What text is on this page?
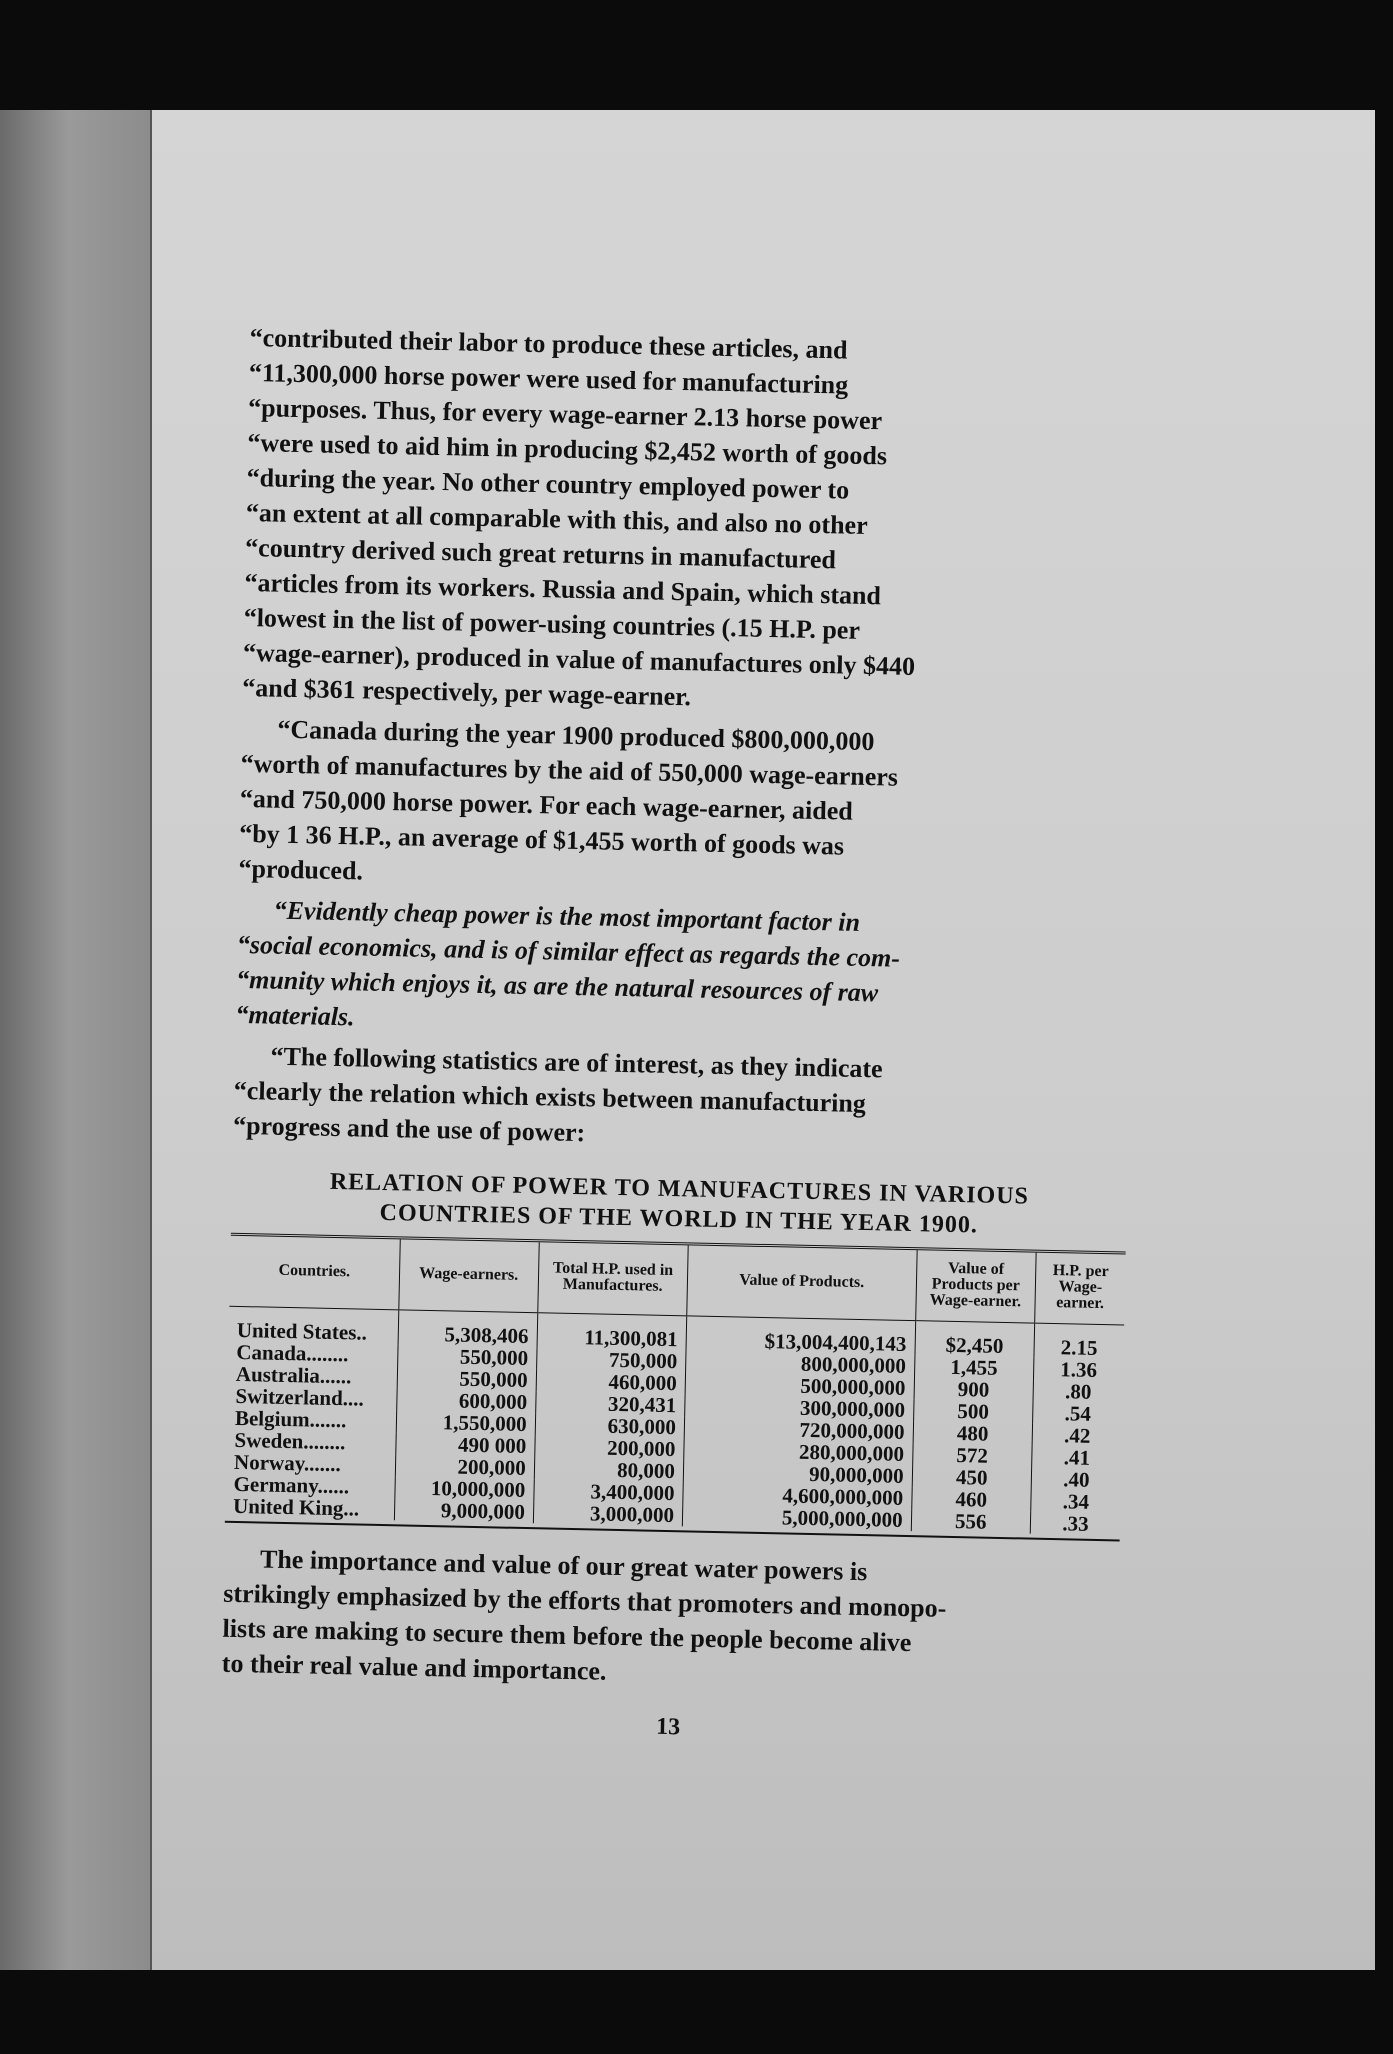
“contributed their labor to produce these articles, and
“11,300,000 horse power were used for manufacturing
“purposes. Thus, for every wage-earner 2.13 horse power
“were used to aid him in producing $2,452 worth of goods
“during the year. No other country employed power to
“an extent at all comparable with this, and also no other
“country derived such great returns in manufactured
“articles from its workers. Russia and Spain, which stand
“lowest in the list of power-using countries (.15 H.P. per
“wage-earner), produced in value of manufactures only $440
“and $361 respectively, per wage-earner.

“Canada during the year 1900 produced $800,000,000
“worth of manufactures by the aid of 550,000 wage-earners
“and 750,000 horse power. For each wage-earner, aided
“by 1 36 H.P., an average of $1,455 worth of goods was
“produced.

“Evidently cheap power is the most important factor in
“social economics, and is of similar effect as regards the com-
“munity which enjoys it, as are the natural resources of raw
“materials.

“The following statistics are of interest, as they indicate
“clearly the relation which exists between manufacturing
“progress and the use of power:

RELATION OF POWER TO MANUFACTURES IN VARIOUS
COUNTRIES OF THE WORLD IN THE YEAR 1900.
Countries.	Wage-earners.	Total H.P. used in Manufactures.	Value of Products.	Value of Products per Wage-earner.	H.P. per Wage-earner.
United States..	5,308,406	11,300,081	$13,004,400,143	$2,450	2.15
Canada........	550,000	750,000	800,000,000	1,455	1.36
Australia......	550,000	460,000	500,000,000	900	.80
Switzerland....	600,000	320,431	300,000,000	500	.54
Belgium.......	1,550,000	630,000	720,000,000	480	.42
Sweden........	490 000	200,000	280,000,000	572	.41
Norway.......	200,000	80,000	90,000,000	450	.40
Germany......	10,000,000	3,400,000	4,600,000,000	460	.34
United King...	9,000,000	3,000,000	5,000,000,000	556	.33

The importance and value of our great water powers is
strikingly emphasized by the efforts that promoters and monopo-
lists are making to secure them before the people become alive
to their real value and importance.

13
